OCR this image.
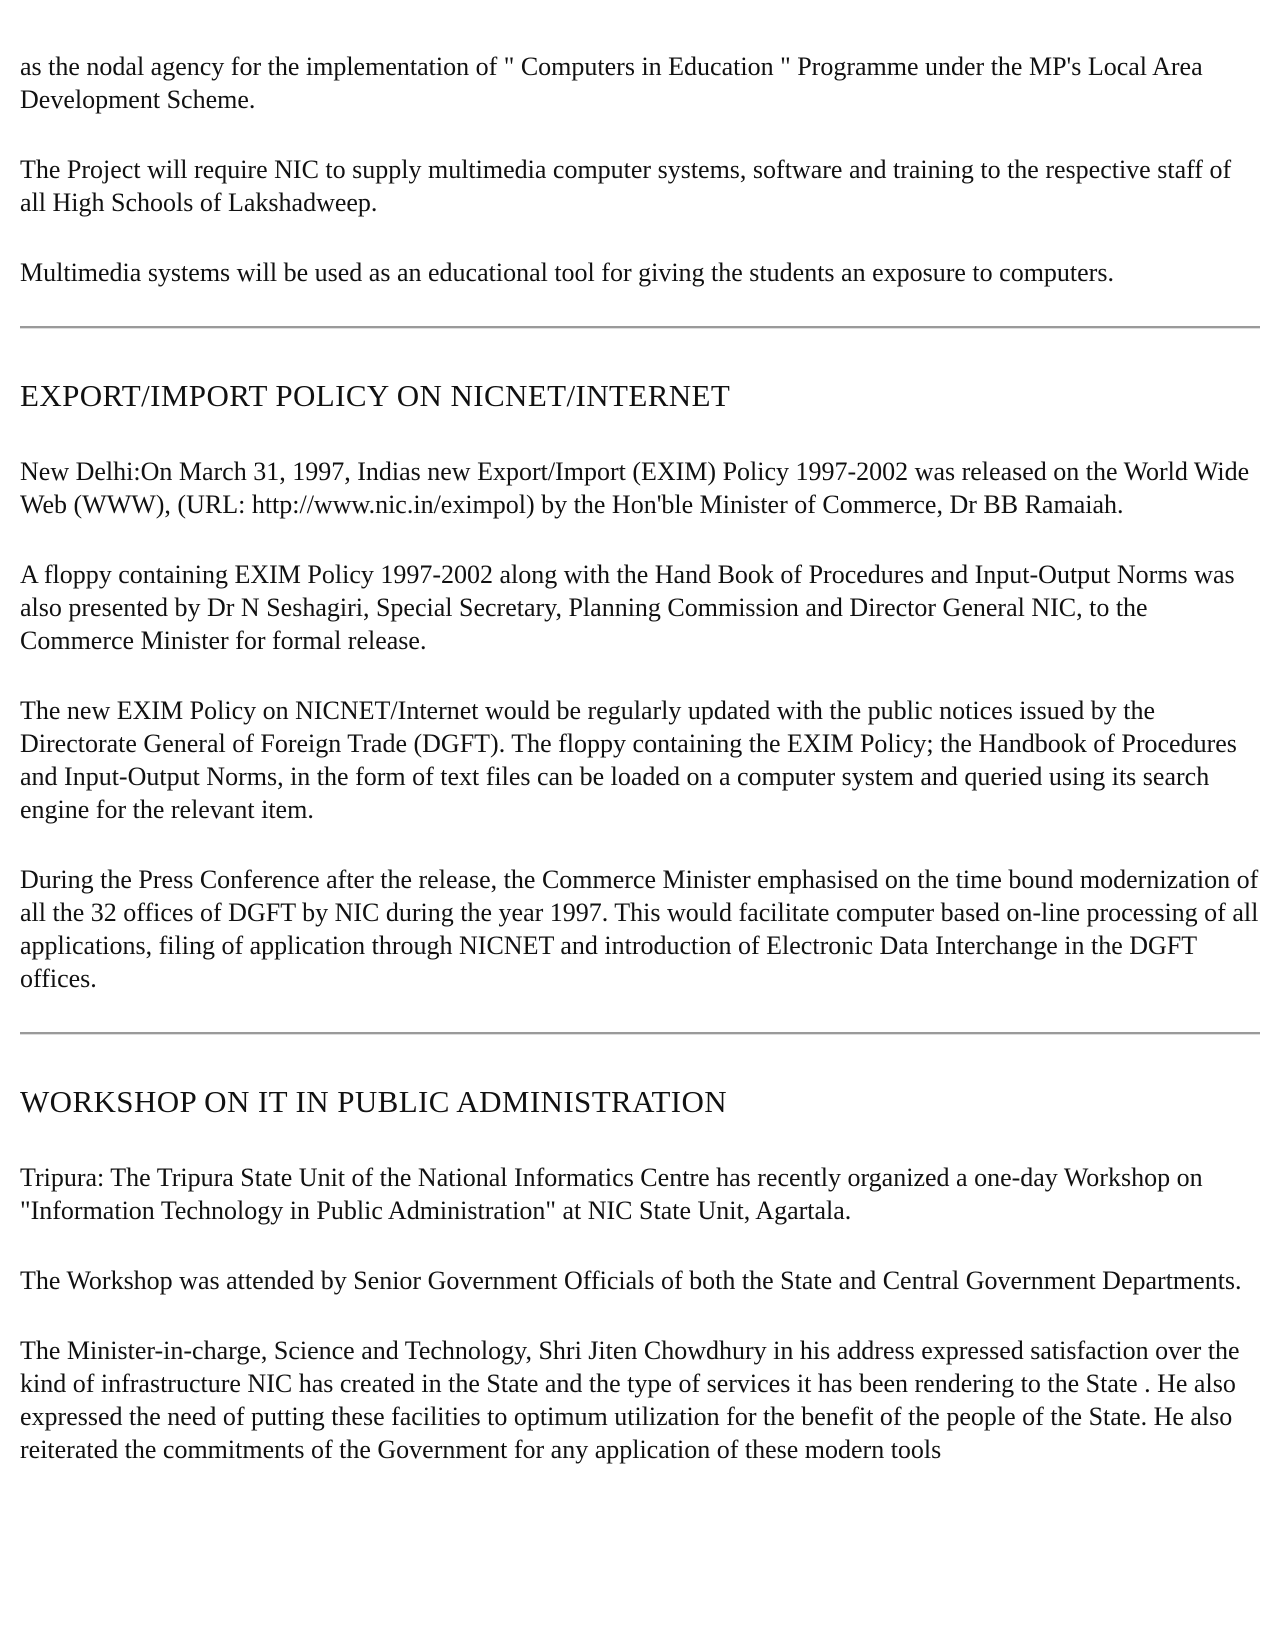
as the nodal agency for the implementation of " Computers in Education " Programme under the MP's Local Area Development Scheme.

The Project will require NIC to supply multimedia computer systems, software and training to the respective staff of all High Schools of Lakshadweep.

Multimedia systems will be used as an educational tool for giving the students an exposure to computers.

EXPORT/IMPORT POLICY ON NICNET/INTERNET

New Delhi:On March 31, 1997, Indias new Export/Import (EXIM) Policy 1997-2002 was released on the World Wide Web (WWW), (URL: http://www.nic.in/eximpol) by the Hon'ble Minister of Commerce, Dr BB Ramaiah.

A floppy containing EXIM Policy 1997-2002 along with the Hand Book of Procedures and Input-Output Norms was also presented by Dr N Seshagiri, Special Secretary, Planning Commission and Director General NIC, to the Commerce Minister for formal release.

The new EXIM Policy on NICNET/Internet would be regularly updated with the public notices issued by the Directorate General of Foreign Trade (DGFT). The floppy containing the EXIM Policy; the Handbook of Procedures and Input-Output Norms, in the form of text files can be loaded on a computer system and queried using its search engine for the relevant item.

During the Press Conference after the release, the Commerce Minister emphasised on the time bound modernization of all the 32 offices of DGFT by NIC during the year 1997. This would facilitate computer based on-line processing of all applications, filing of application through NICNET and introduction of Electronic Data Interchange in the DGFT offices.

WORKSHOP ON IT IN PUBLIC ADMINISTRATION

Tripura: The Tripura State Unit of the National Informatics Centre has recently organized a one-day Workshop on "Information Technology in Public Administration" at NIC State Unit, Agartala.

The Workshop was attended by Senior Government Officials of both the State and Central Government Departments.

The Minister-in-charge, Science and Technology, Shri Jiten Chowdhury in his address expressed satisfaction over the kind of infrastructure NIC has created in the State and the type of services it has been rendering to the State . He also expressed the need of putting these facilities to optimum utilization for the benefit of the people of the State. He also reiterated the commitments of the Government for any application of these modern tools
